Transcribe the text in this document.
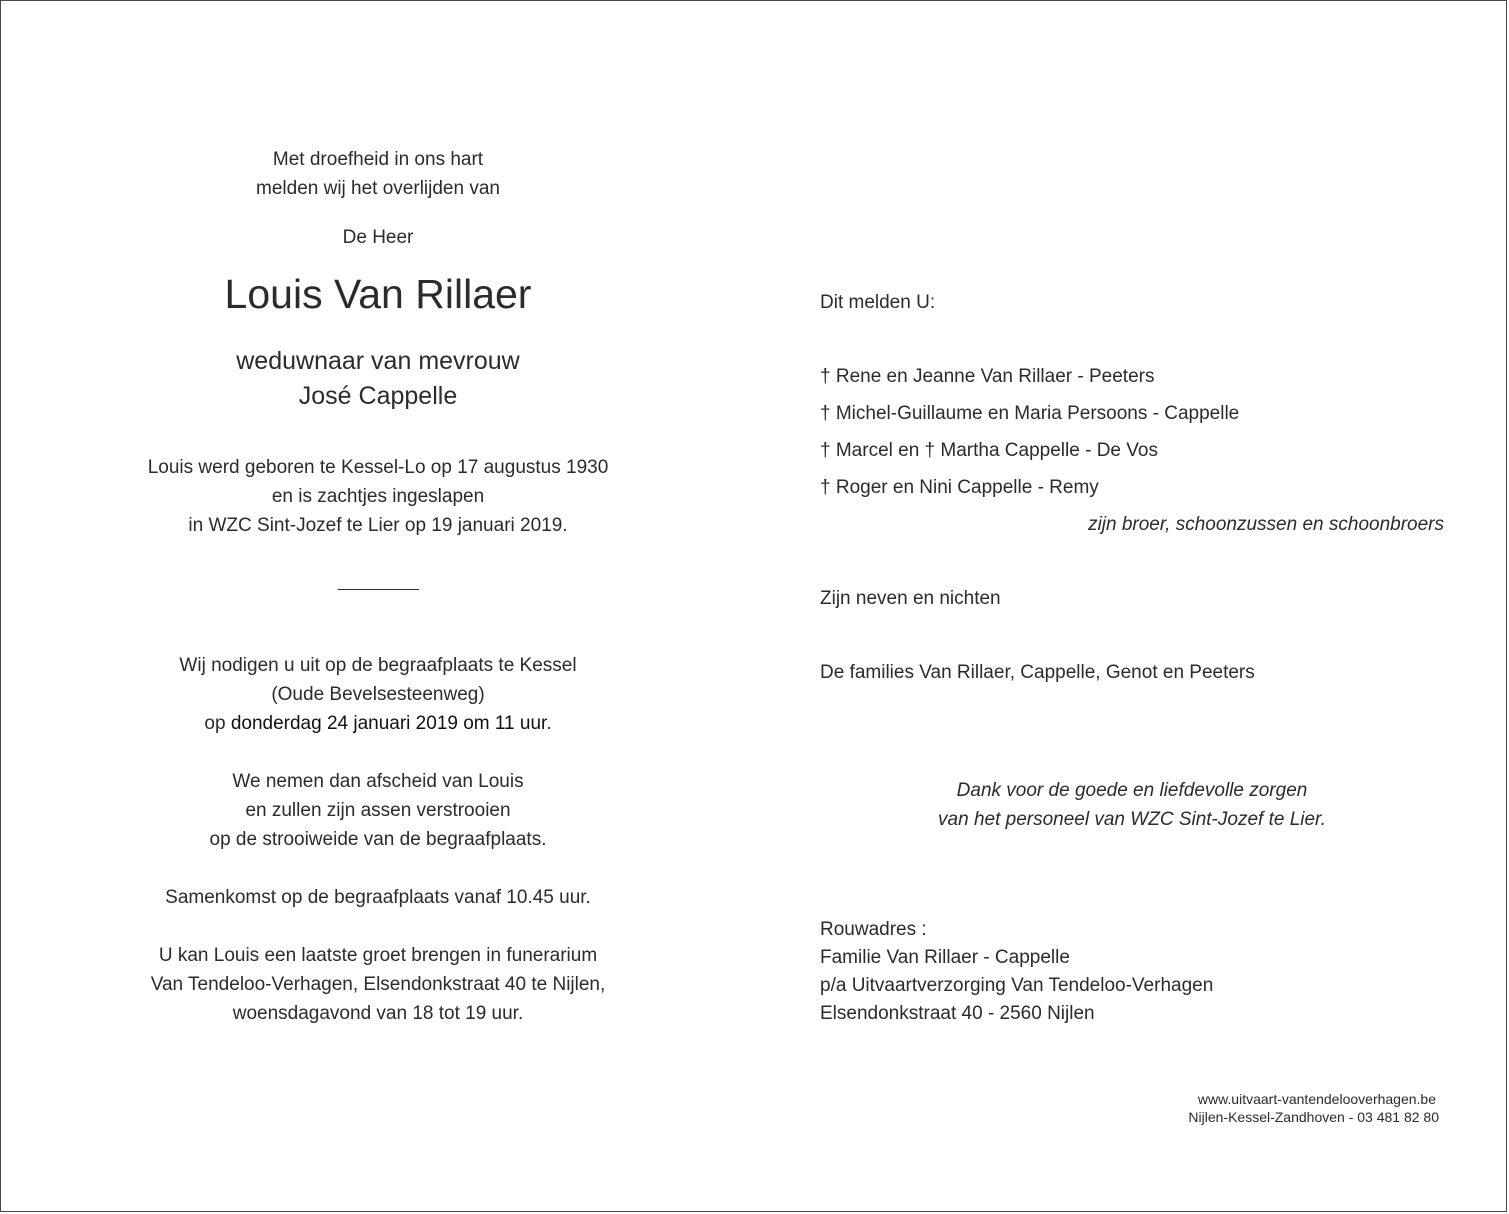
Met droefheid in ons hart
melden wij het overlijden van
De Heer
Louis Van Rillaer
weduwnaar van mevrouw
José Cappelle
Louis werd geboren te Kessel-Lo op 17 augustus 1930
en is zachtjes ingeslapen
in WZC Sint-Jozef te Lier op 19 januari 2019.
Wij nodigen u uit op de begraafplaats te Kessel
(Oude Bevelsesteenweg)
op donderdag 24 januari 2019 om 11 uur.
We nemen dan afscheid van Louis
en zullen zijn assen verstrooien
op de strooiweide van de begraafplaats.
Samenkomst op de begraafplaats vanaf 10.45 uur.
U kan Louis een laatste groet brengen in funerarium
Van Tendeloo-Verhagen, Elsendonkstraat 40 te Nijlen,
woensdagavond van 18 tot 19 uur.
Dit melden U:
† Rene en Jeanne Van Rillaer - Peeters
† Michel-Guillaume en Maria Persoons - Cappelle
† Marcel en † Martha Cappelle - De Vos
† Roger en Nini Cappelle - Remy
zijn broer, schoonzussen en schoonbroers
Zijn neven en nichten
De families Van Rillaer, Cappelle, Genot en Peeters
Dank voor de goede en liefdevolle zorgen
van het personeel van WZC Sint-Jozef te Lier.
Rouwadres :
Familie Van Rillaer - Cappelle
p/a Uitvaartverzorging Van Tendeloo-Verhagen
Elsendonkstraat 40 - 2560 Nijlen
www.uitvaart-vantendelooverhagen.be
Nijlen-Kessel-Zandhoven - 03 481 82 80
